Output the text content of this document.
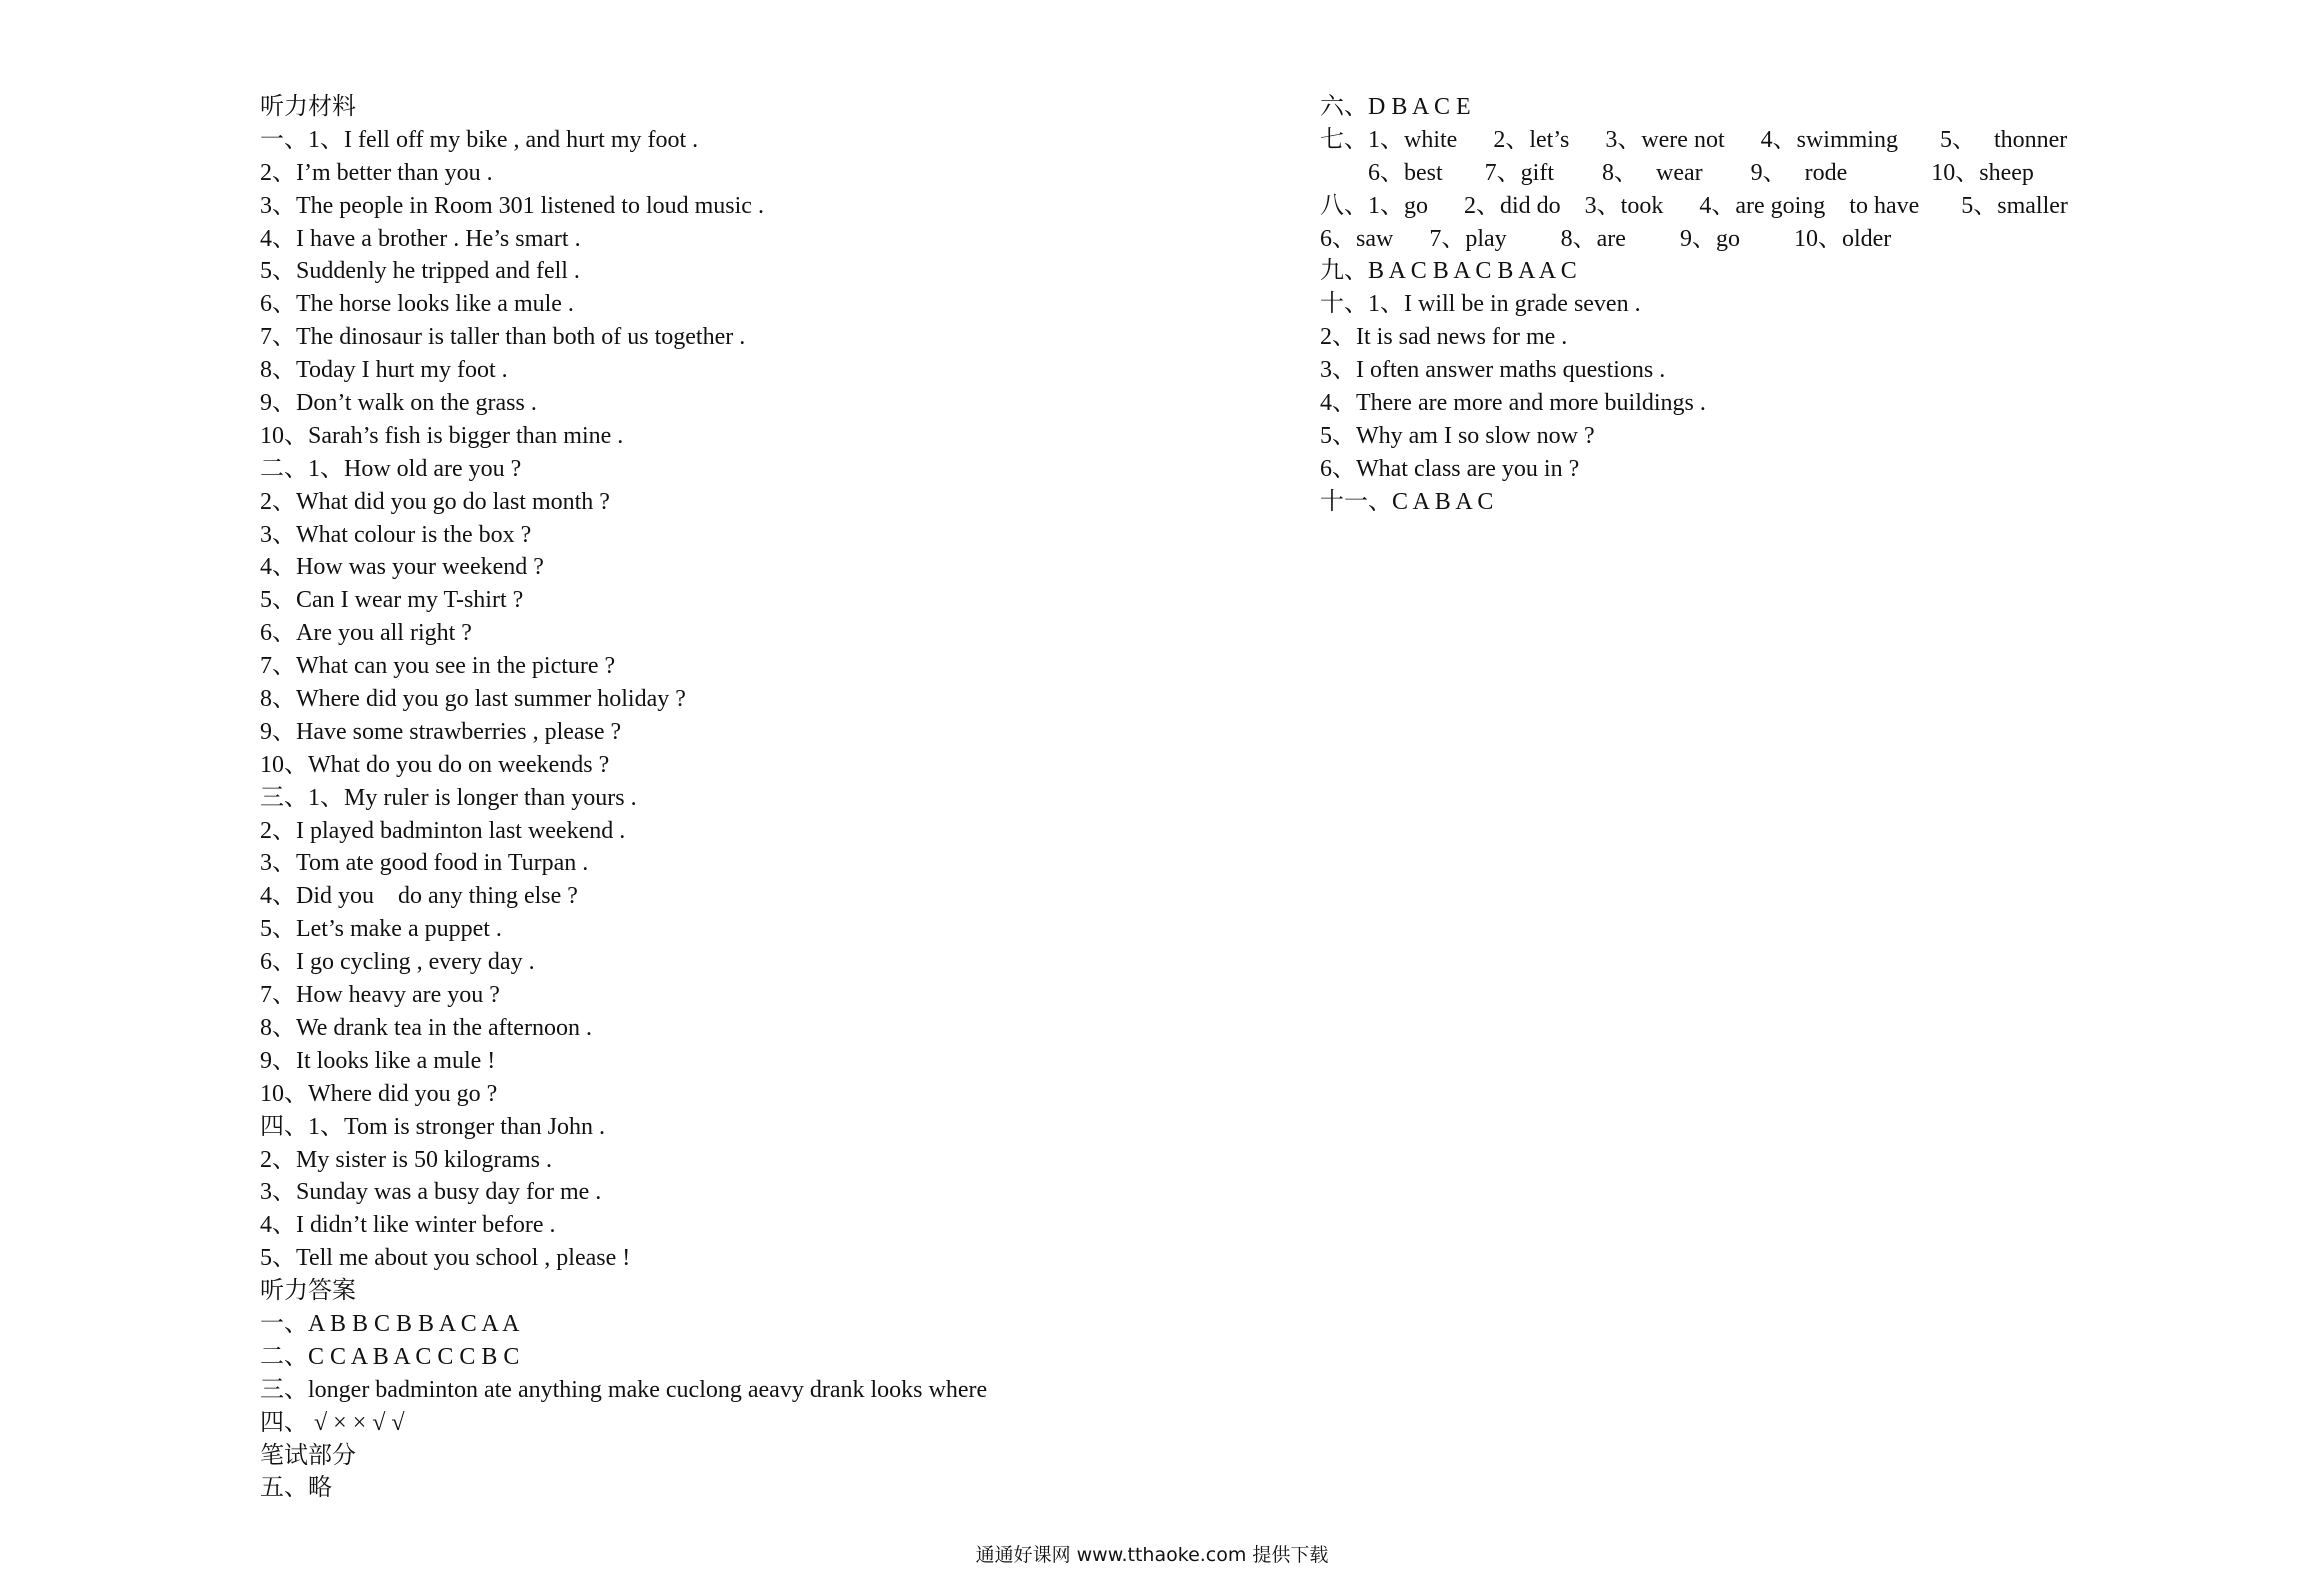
听力材料
一、1、I fell off my bike , and hurt my foot .
2、I’m better than you .
3、The people in Room 301 listened to loud music .
4、I have a brother . He’s smart .
5、Suddenly he tripped and fell .
6、The horse looks like a mule .
7、The dinosaur is taller than both of us together .
8、Today I hurt my foot .
9、Don’t walk on the grass .
10、Sarah’s fish is bigger than mine .
二、1、How old are you ?
2、What did you go do last month ?
3、What colour is the box ?
4、How was your weekend ?
5、Can I wear my T-shirt ?
6、Are you all right ?
7、What can you see in the picture ?
8、Where did you go last summer holiday ?
9、Have some strawberries , please ?
10、What do you do on weekends ?
三、1、My ruler is longer than yours .
2、I played badminton last weekend .
3、Tom ate good food in Turpan .
4、Did you    do any thing else ?
5、Let’s make a puppet .
6、I go cycling , every day .
7、How heavy are you ?
8、We drank tea in the afternoon .
9、It looks like a mule !
10、Where did you go ?
四、1、Tom is stronger than John .
2、My sister is 50 kilograms .
3、Sunday was a busy day for me .
4、I didn’t like winter before .
5、Tell me about you school , please !
听力答案
一、A B B C B B A C A A
二、C C A B A C C C B C
三、longer badminton ate anything make cuclong aeavy drank looks where
四、 √ × × √ √
笔试部分
五、略
六、D B A C E
七、1、white      2、let’s      3、were not      4、swimming       5、   thonner
6、best       7、gift        8、   wear        9、   rode              10、sheep
八、1、go      2、did do    3、took      4、are going    to have       5、smaller
6、saw      7、play         8、are         9、go         10、older
九、B A C B A C B A A C
十、1、I will be in grade seven .
2、It is sad news for me .
3、I often answer maths questions .
4、There are more and more buildings .
5、Why am I so slow now ?
6、What class are you in ?
十一、C A B A C
通通好课网 www.tthaoke.com 提供下载
